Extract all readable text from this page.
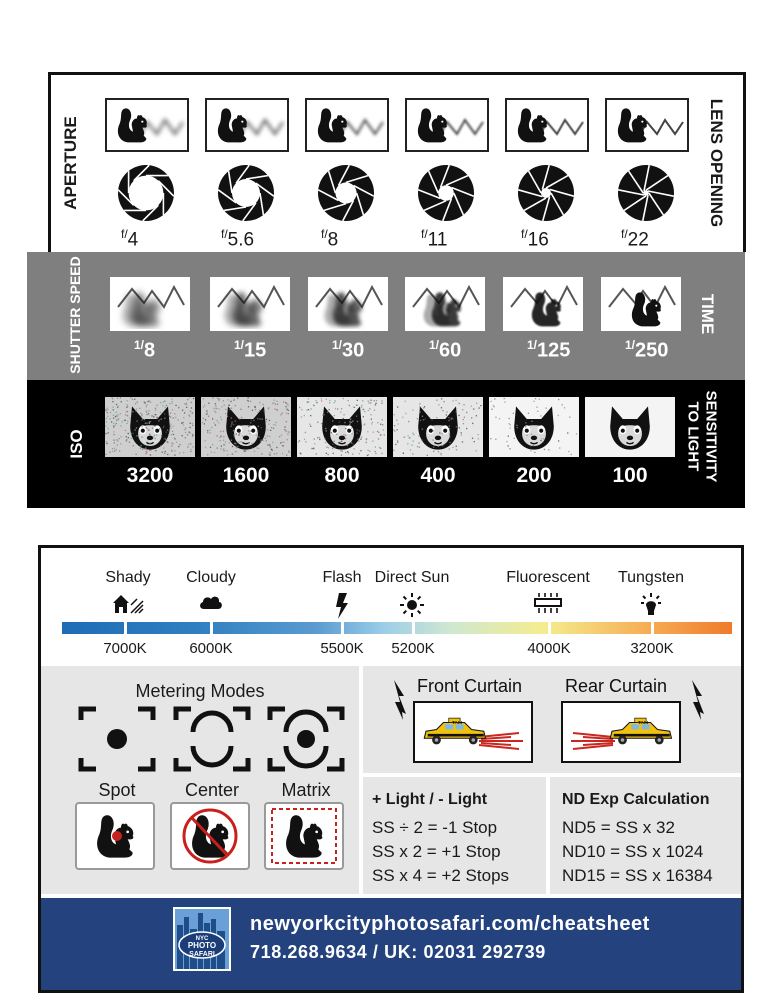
APERTURE	LENS OPENING
SHUTTER SPEED	TIME
ISO	SENSITIVITY
TO LIGHT
Metering Modes	Front Curtain Rear Curtain
TAXI	TAXI
+ Light / - Light	ND Exp Calculation
NYC
PHOTO
SAFARI
newyorkcityphotosafari.com/cheatsheet
718.268.9634 / UK: 02031 292739
$^{f/}$4	$^{f/}$5.6	$^{f/}$8	$^{f/}$11	$^{f/}$16	$^{f/}$22
$^{1/}$8	$^{1/}$15	$^{1/}$30	$^{1/}$60	$^{1/}$125	$^{1/}$250
3200	1600	800	400	200	100
Shady
7000K
Cloudy
6000K
Flash
5500K
Direct Sun
5200K
Fluorescent
4000K
Tungsten
3200K
Spot	Center	Matrix
SS ÷ 2 = -1 Stop
SS x 2 = +1 Stop
SS x 4 = +2 Stops
ND5 = SS x 32
ND10 = SS x 1024
ND15 = SS x 16384
